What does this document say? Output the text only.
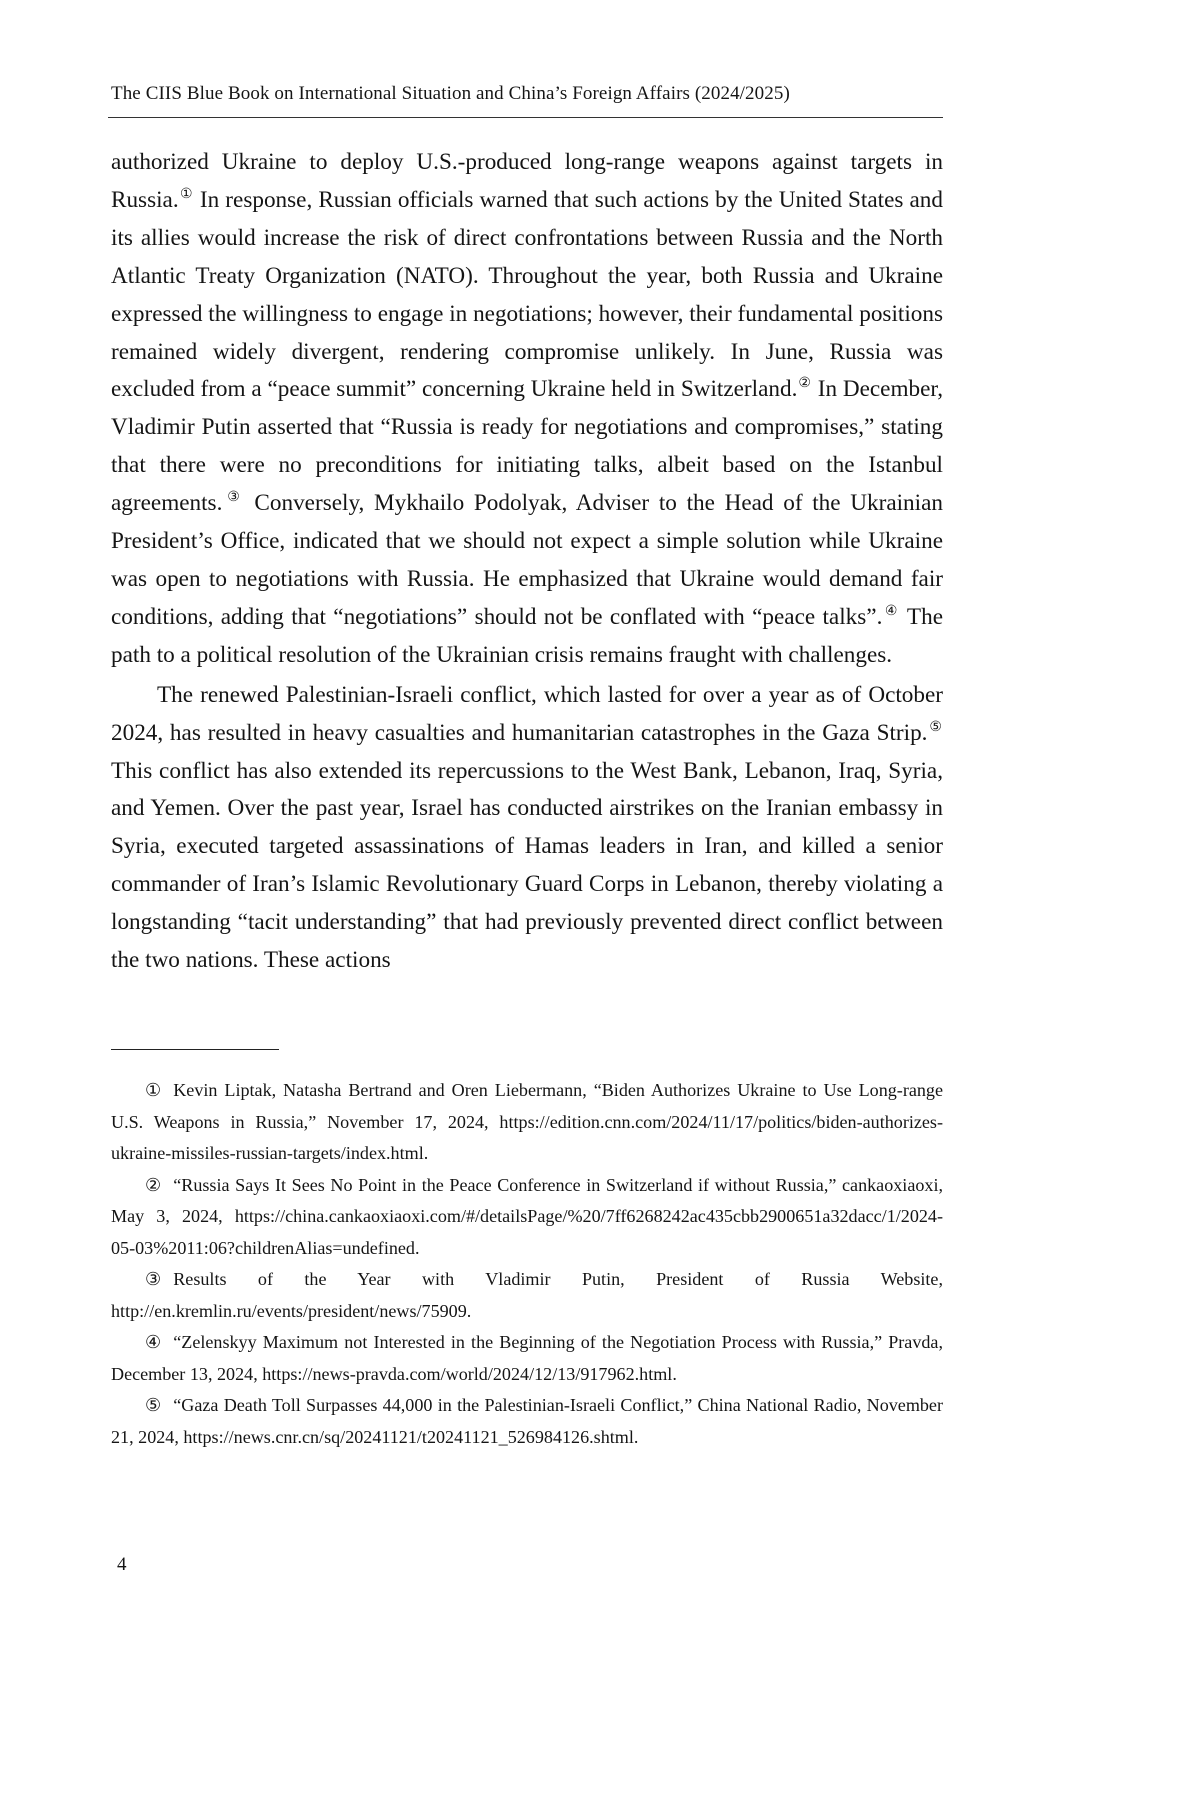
The CIIS Blue Book on International Situation and China’s Foreign Affairs (2024/2025)

authorized Ukraine to deploy U.S.-produced long-range weapons against targets in Russia.① In response, Russian officials warned that such actions by the United States and its allies would increase the risk of direct confrontations between Russia and the North Atlantic Treaty Organization (NATO). Throughout the year, both Russia and Ukraine expressed the willingness to engage in negotiations; however, their fundamental positions remained widely divergent, rendering compromise unlikely. In June, Russia was excluded from a “peace summit” concerning Ukraine held in Switzerland.② In December, Vladimir Putin asserted that “Russia is ready for negotiations and compromises,” stating that there were no preconditions for initiating talks, albeit based on the Istanbul agreements.③ Conversely, Mykhailo Podolyak, Adviser to the Head of the Ukrainian President’s Office, indicated that we should not expect a simple solution while Ukraine was open to negotiations with Russia. He emphasized that Ukraine would demand fair conditions, adding that “negotiations” should not be conflated with “peace talks”.④ The path to a political resolution of the Ukrainian crisis remains fraught with challenges.

The renewed Palestinian-Israeli conflict, which lasted for over a year as of October 2024, has resulted in heavy casualties and humanitarian catastrophes in the Gaza Strip.⑤ This conflict has also extended its repercussions to the West Bank, Lebanon, Iraq, Syria, and Yemen. Over the past year, Israel has conducted airstrikes on the Iranian embassy in Syria, executed targeted assassinations of Hamas leaders in Iran, and killed a senior commander of Iran’s Islamic Revolutionary Guard Corps in Lebanon, thereby violating a longstanding “tacit understanding” that had previously prevented direct conflict between the two nations. These actions

① Kevin Liptak, Natasha Bertrand and Oren Liebermann, “Biden Authorizes Ukraine to Use Long-range U.S. Weapons in Russia,” November 17, 2024, https://edition.cnn.com/2024/11/17/politics/biden-authorizes-ukraine-missiles-russian-targets/index.html.

② “Russia Says It Sees No Point in the Peace Conference in Switzerland if without Russia,” cankaoxiaoxi, May 3, 2024, https://china.cankaoxiaoxi.com/#/detailsPage/%20/7ff6268242ac435cbb2900651a32dacc/1/2024-05-03%2011:06?childrenAlias=undefined.

③ Results of the Year with Vladimir Putin, President of Russia Website, http://en.kremlin.ru/events/president/news/75909.

④ “Zelenskyy Maximum not Interested in the Beginning of the Negotiation Process with Russia,” Pravda, December 13, 2024, https://news-pravda.com/world/2024/12/13/917962.html.

⑤ “Gaza Death Toll Surpasses 44,000 in the Palestinian-Israeli Conflict,” China National Radio, November 21, 2024, https://news.cnr.cn/sq/20241121/t20241121_526984126.shtml.

4
